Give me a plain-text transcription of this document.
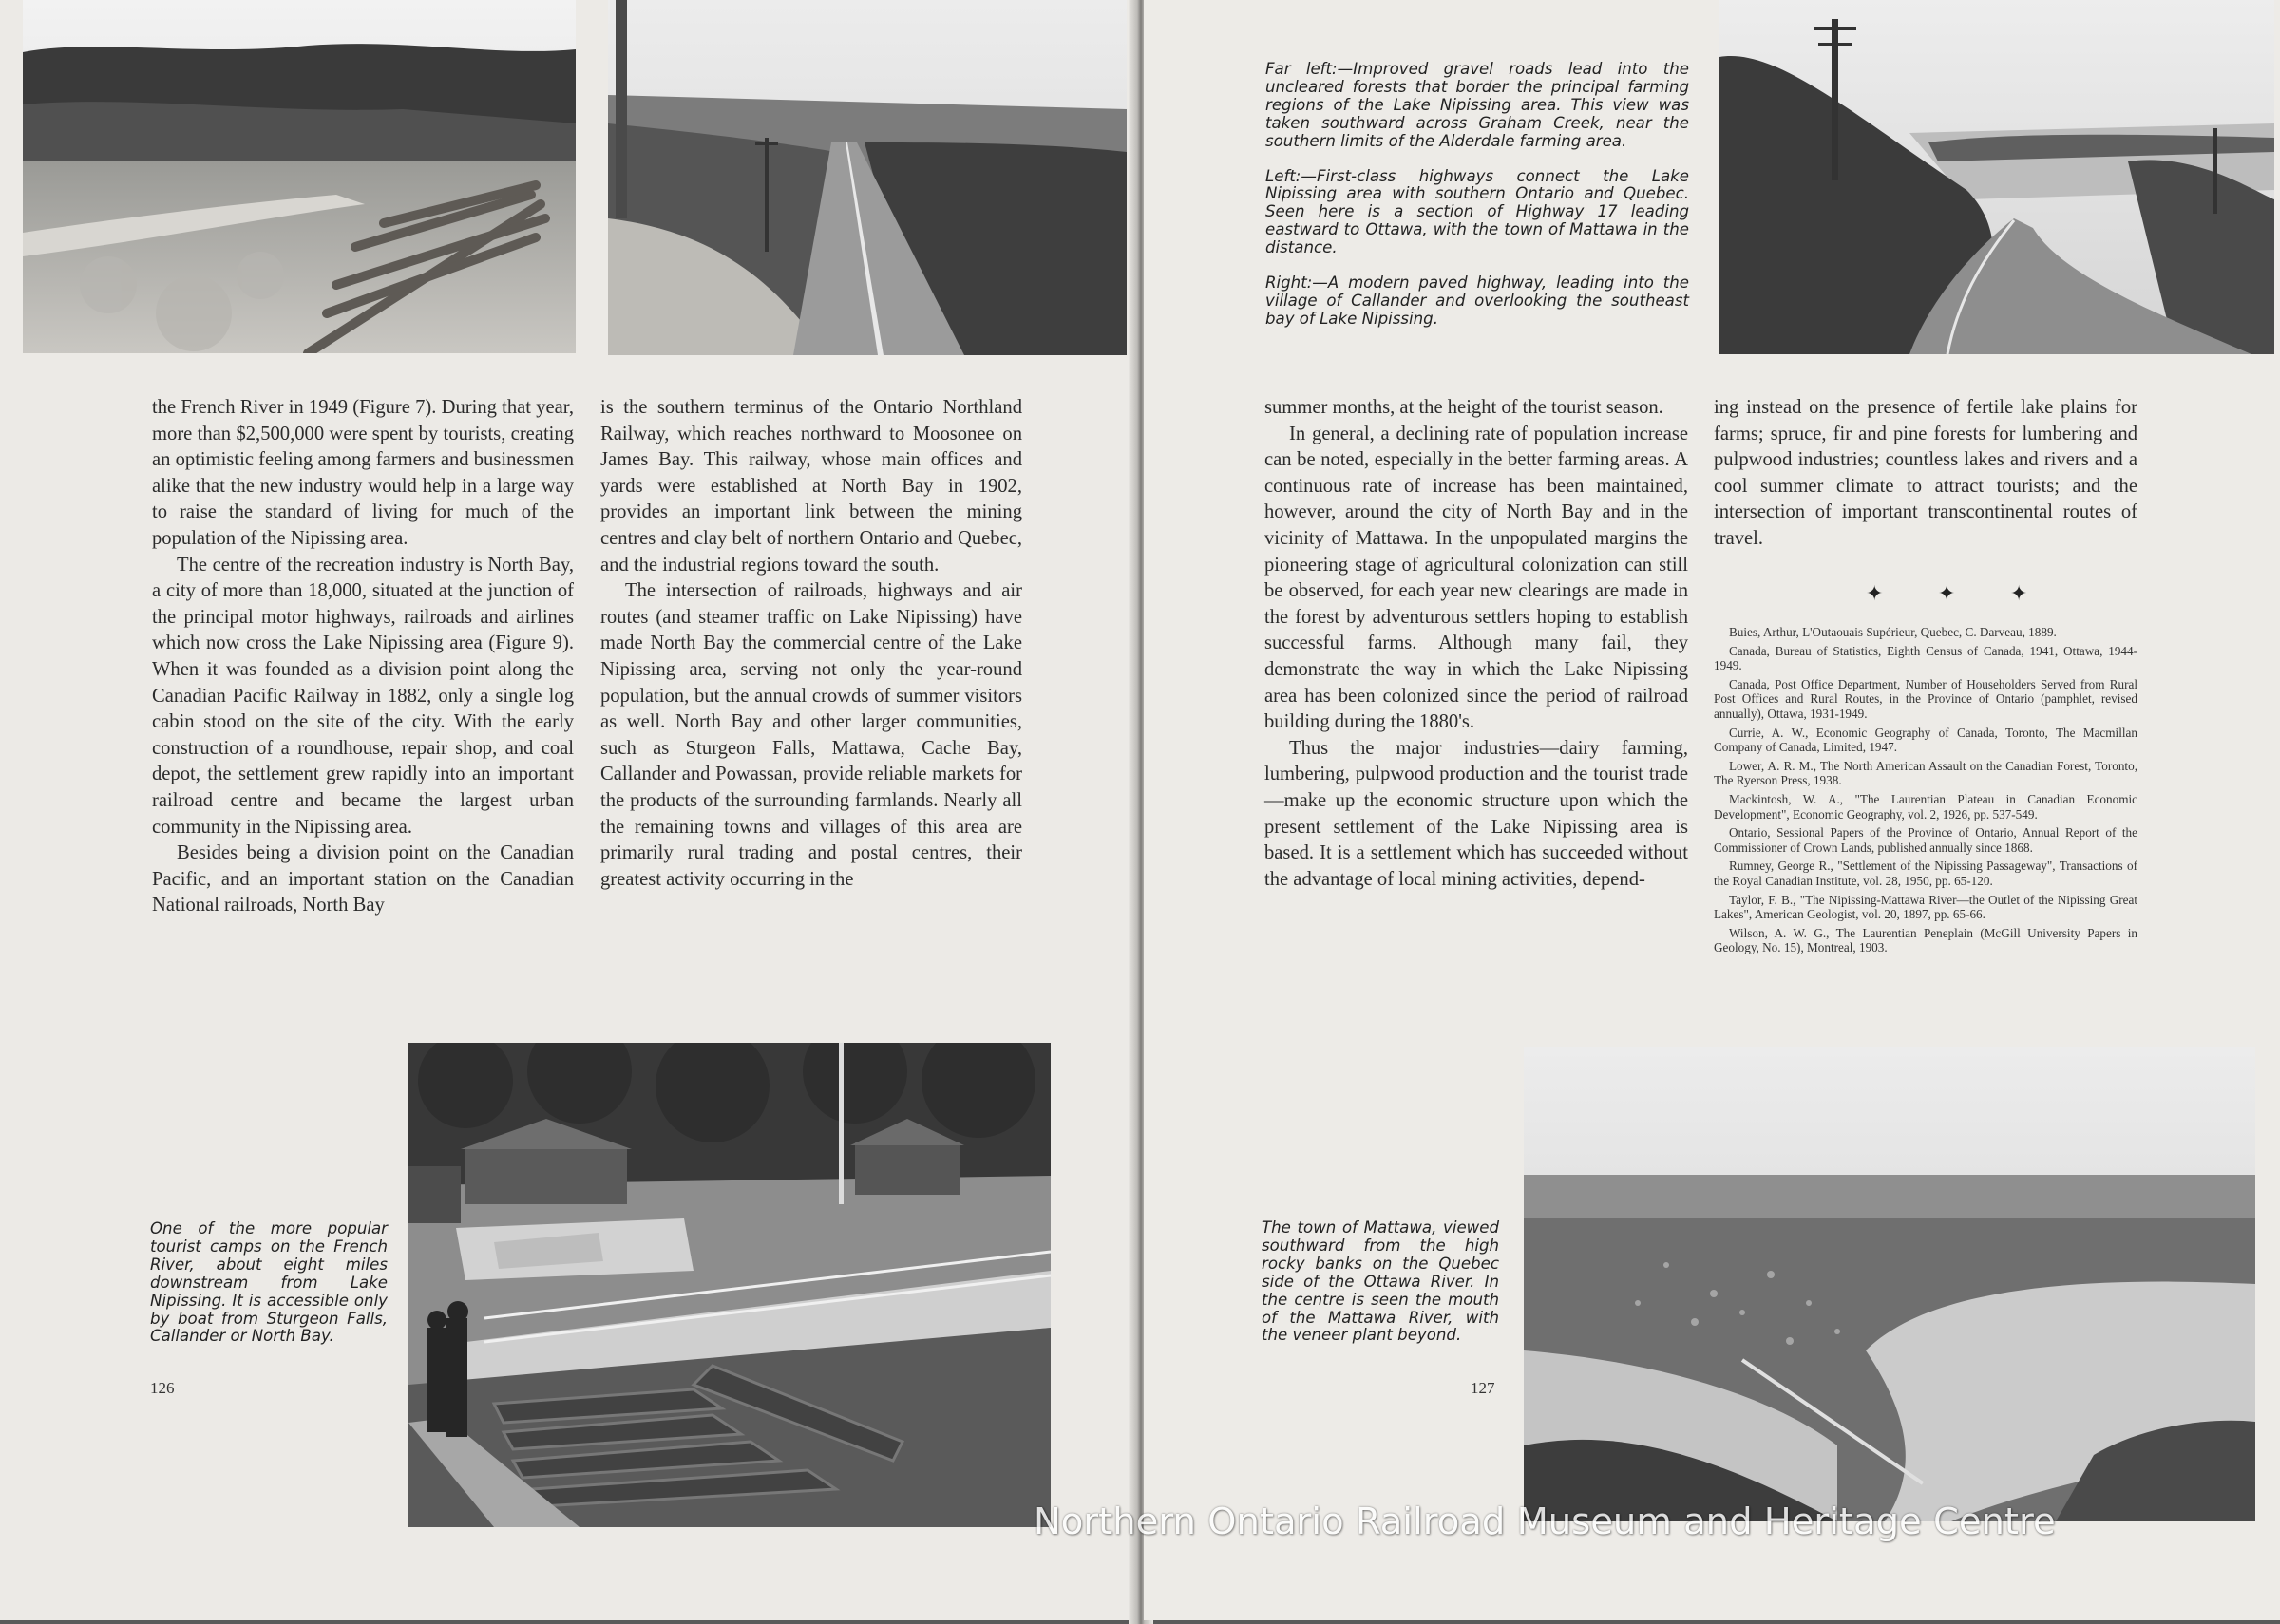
the French River in 1949 (Figure 7). During that year, more than $2,500,000 were spent by tourists, creating an optimistic feeling among farmers and businessmen alike that the new industry would help in a large way to raise the standard of living for much of the population of the Nipissing area.

The centre of the recreation industry is North Bay, a city of more than 18,000, situated at the junction of the principal motor highways, railroads and airlines which now cross the Lake Nipissing area (Figure 9). When it was founded as a division point along the Canadian Pacific Railway in 1882, only a single log cabin stood on the site of the city. With the early construction of a roundhouse, repair shop, and coal depot, the settlement grew rapidly into an important railroad centre and became the largest urban community in the Nipissing area.

Besides being a division point on the Canadian Pacific, and an important station on the Canadian National railroads, North Bay

is the southern terminus of the Ontario Northland Railway, which reaches northward to Moosonee on James Bay. This railway, whose main offices and yards were established at North Bay in 1902, provides an important link between the mining centres and clay belt of northern Ontario and Quebec, and the industrial regions toward the south.

The intersection of railroads, highways and air routes (and steamer traffic on Lake Nipissing) have made North Bay the commercial centre of the Lake Nipissing area, serving not only the year-round population, but the annual crowds of summer visitors as well. North Bay and other larger communities, such as Sturgeon Falls, Mattawa, Cache Bay, Callander and Powassan, provide reliable markets for the products of the surrounding farmlands. Nearly all the remaining towns and villages of this area are primarily rural trading and postal centres, their greatest activity occurring in the

One of the more popular tourist camps on the French River, about eight miles downstream from Lake Nipissing. It is accessible only by boat from Sturgeon Falls, Callander or North Bay.

126

Far left:—Improved gravel roads lead into the uncleared forests that border the principal farming regions of the Lake Nipissing area. This view was taken southward across Graham Creek, near the southern limits of the Alderdale farming area.

Left:—First-class highways connect the Lake Nipissing area with southern Ontario and Quebec. Seen here is a section of Highway 17 leading eastward to Ottawa, with the town of Mattawa in the distance.

Right:—A modern paved highway, leading into the village of Callander and overlooking the southeast bay of Lake Nipissing.

summer months, at the height of the tourist season.

In general, a declining rate of population increase can be noted, especially in the better farming areas. A continuous rate of increase has been maintained, however, around the city of North Bay and in the vicinity of Mattawa. In the unpopulated margins the pioneering stage of agricultural colonization can still be observed, for each year new clearings are made in the forest by adventurous settlers hoping to establish successful farms. Although many fail, they demonstrate the way in which the Lake Nipissing area has been colonized since the period of railroad building during the 1880's.

Thus the major industries—dairy farming, lumbering, pulpwood production and the tourist trade—make up the economic structure upon which the present settlement of the Lake Nipissing area is based. It is a settlement which has succeeded without the advantage of local mining activities, depend-

ing instead on the presence of fertile lake plains for farms; spruce, fir and pine forests for lumbering and pulpwood industries; countless lakes and rivers and a cool summer climate to attract tourists; and the intersection of important transcontinental routes of travel.

✦ ✦ ✦

Buies, Arthur, L'Outaouais Supérieur, Quebec, C. Darveau, 1889.

Canada, Bureau of Statistics, Eighth Census of Canada, 1941, Ottawa, 1944-1949.

Canada, Post Office Department, Number of Householders Served from Rural Post Offices and Rural Routes, in the Province of Ontario (pamphlet, revised annually), Ottawa, 1931-1949.

Currie, A. W., Economic Geography of Canada, Toronto, The Macmillan Company of Canada, Limited, 1947.

Lower, A. R. M., The North American Assault on the Canadian Forest, Toronto, The Ryerson Press, 1938.

Mackintosh, W. A., "The Laurentian Plateau in Canadian Economic Development", Economic Geography, vol. 2, 1926, pp. 537-549.

Ontario, Sessional Papers of the Province of Ontario, Annual Report of the Commissioner of Crown Lands, published annually since 1868.

Rumney, George R., "Settlement of the Nipissing Passageway", Transactions of the Royal Canadian Institute, vol. 28, 1950, pp. 65-120.

Taylor, F. B., "The Nipissing-Mattawa River—the Outlet of the Nipissing Great Lakes", American Geologist, vol. 20, 1897, pp. 65-66.

Wilson, A. W. G., The Laurentian Peneplain (McGill University Papers in Geology, No. 15), Montreal, 1903.

The town of Mattawa, viewed southward from the high rocky banks on the Quebec side of the Ottawa River. In the centre is seen the mouth of the Mattawa River, with the veneer plant beyond.

127
Northern Ontario Railroad Museum and Heritage Centre
